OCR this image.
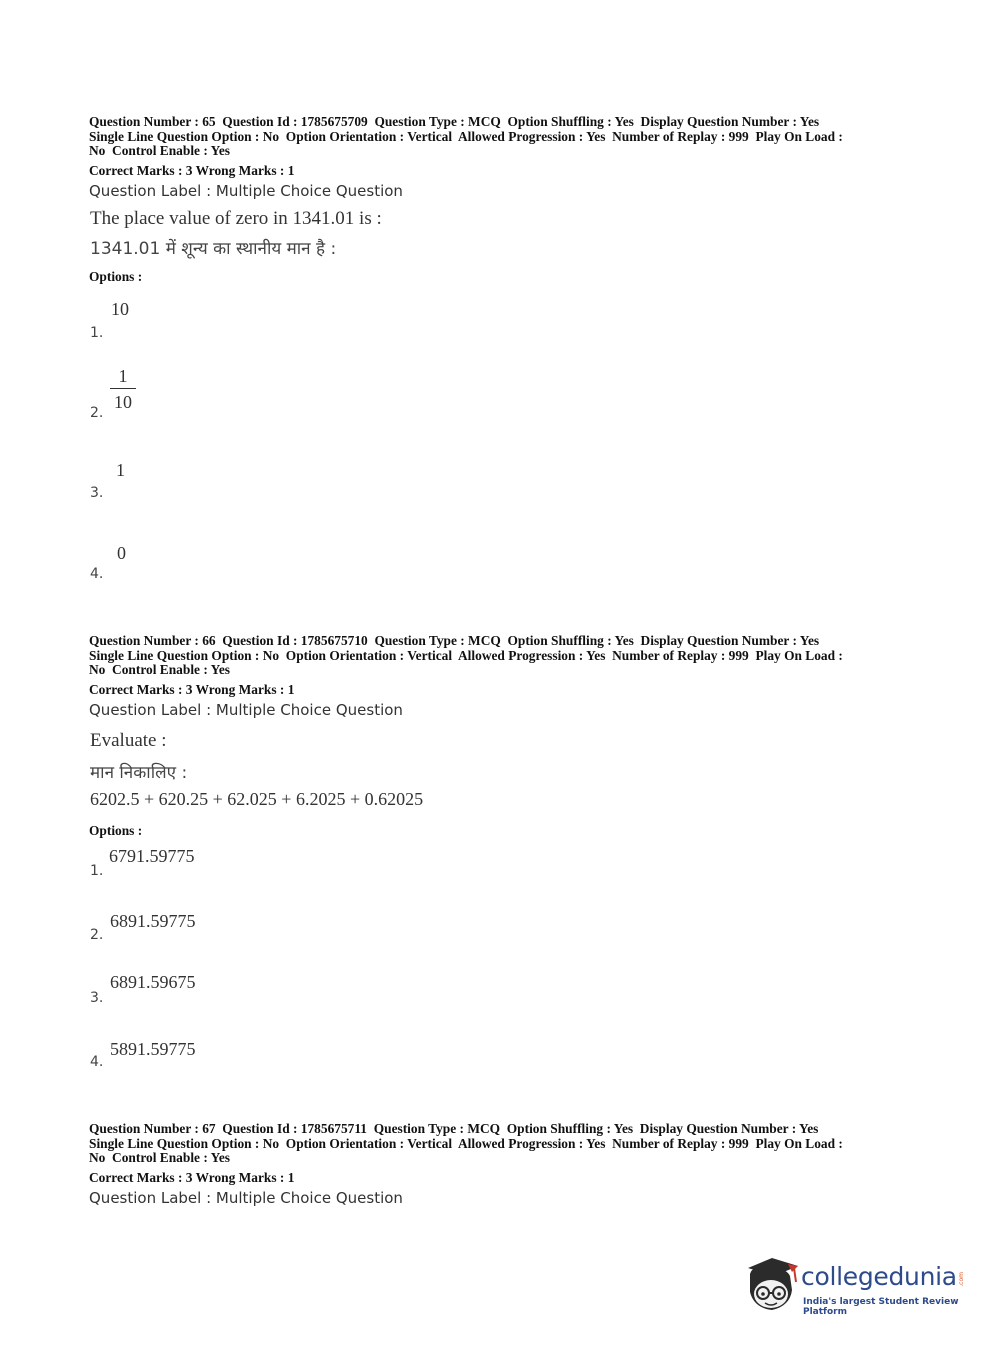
Question Number : 65  Question Id : 1785675709  Question Type : MCQ  Option Shuffling : Yes  Display Question Number : Yes
Single Line Question Option : No  Option Orientation : Vertical  Allowed Progression : Yes  Number of Replay : 999  Play On Load :
No  Control Enable : Yes
Correct Marks : 3 Wrong Marks : 1
Question Label : Multiple Choice Question
The place value of zero in 1341.01 is :
1341.01 में शून्य का स्थानीय मान है :
Options :
10
1.
1
10
2.
1
3.
0
4.
Question Number : 66  Question Id : 1785675710  Question Type : MCQ  Option Shuffling : Yes  Display Question Number : Yes
Single Line Question Option : No  Option Orientation : Vertical  Allowed Progression : Yes  Number of Replay : 999  Play On Load :
No  Control Enable : Yes
Correct Marks : 3 Wrong Marks : 1
Question Label : Multiple Choice Question
Evaluate :
मान निकालिए :
6202.5 + 620.25 + 62.025 + 6.2025 + 0.62025
Options :
6791.59775
1.
6891.59775
2.
6891.59675
3.
5891.59775
4.
Question Number : 67  Question Id : 1785675711  Question Type : MCQ  Option Shuffling : Yes  Display Question Number : Yes
Single Line Question Option : No  Option Orientation : Vertical  Allowed Progression : Yes  Number of Replay : 999  Play On Load :
No  Control Enable : Yes
Correct Marks : 3 Wrong Marks : 1
Question Label : Multiple Choice Question
collegedunia .com
India's largest Student Review Platform
